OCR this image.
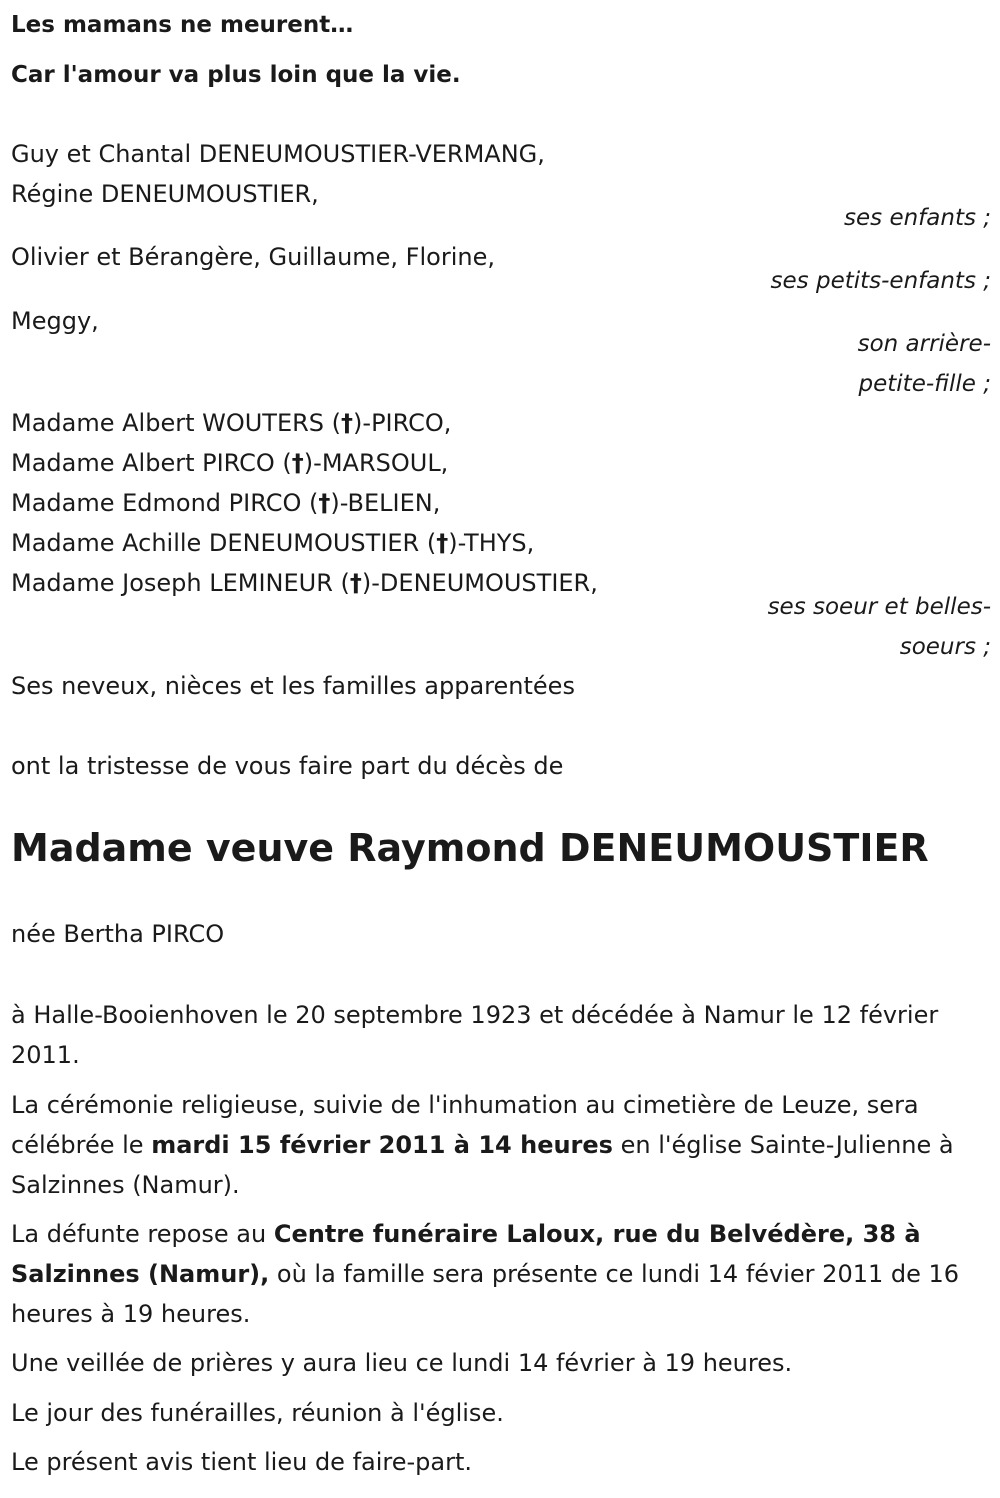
Les mamans ne meurent…
Car l'amour va plus loin que la vie.
Guy et Chantal DENEUMOUSTIER-VERMANG,
Régine DENEUMOUSTIER,
ses enfants ;
Olivier et Bérangère, Guillaume, Florine,
ses petits-enfants ;
Meggy,
son arrière-
petite-fille ;
Madame Albert WOUTERS (†)-PIRCO,
Madame Albert PIRCO (†)-MARSOUL,
Madame Edmond PIRCO (†)-BELIEN,
Madame Achille DENEUMOUSTIER (†)-THYS,
Madame Joseph LEMINEUR (†)-DENEUMOUSTIER,
ses soeur et belles-
soeurs ;
Ses neveux, nièces et les familles apparentées
ont la tristesse de vous faire part du décès de
Madame veuve Raymond DENEUMOUSTIER
née Bertha PIRCO
à Halle-Booienhoven le 20 septembre 1923 et décédée à Namur le 12 février 2011.
La cérémonie religieuse, suivie de l'inhumation au cimetière de Leuze, sera célébrée le mardi 15 février 2011 à 14 heures en l'église Sainte-Julienne à Salzinnes (Namur).
La défunte repose au Centre funéraire Laloux, rue du Belvédère, 38 à Salzinnes (Namur), où la famille sera présente ce lundi 14 févier 2011 de 16 heures à 19 heures.
Une veillée de prières y aura lieu ce lundi 14 février à 19 heures.
Le jour des funérailles, réunion à l'église.
Le présent avis tient lieu de faire-part.
